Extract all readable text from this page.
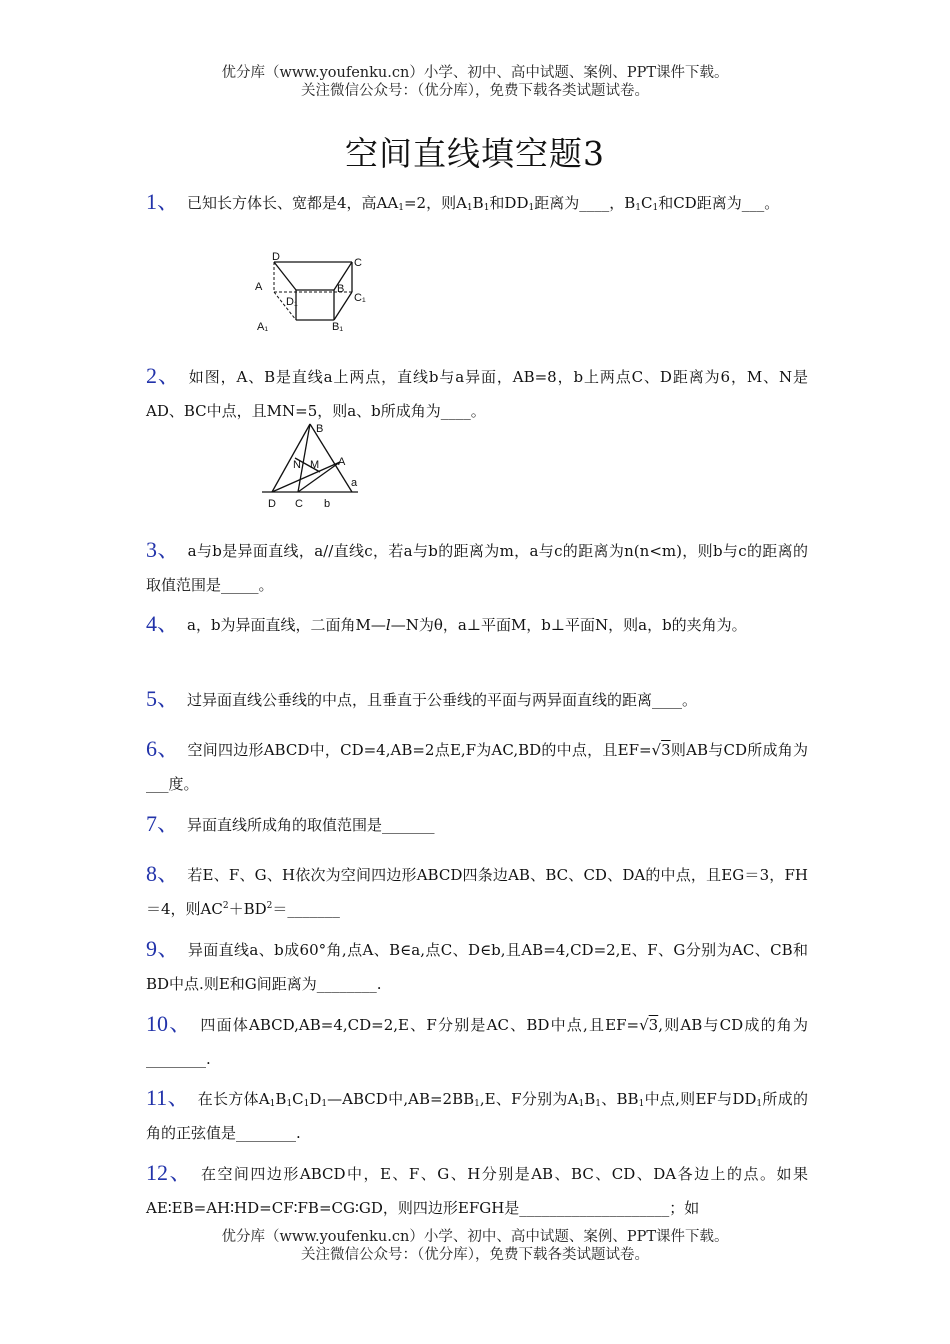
优分库（www.youfenku.cn）小学、初中、高中试题、案例、PPT课件下载。
关注微信公众号：（优分库），免费下载各类试题试卷。
空间直线填空题3
1、 已知长方体长、宽都是4，高$AA_1=2$，则$A_1B_1$和$DD_1$距离为____，$B_1C_1$和CD距离为___。
D	C
A	B
D₁	C₁
A₁	B₁
2、 如图，A、B是直线a上两点，直线b与a异面，AB=8，b上两点C、D距离为6，M、N是AD、BC中点，且MN=5，则a、b所成角为____。
B
N M A
a
D C b
3、 a与b是异面直线，a//直线c，若a与b的距离为m，a与c的距离为n(n<m)，则b与c的距离的取值范围是_____。
4、 a，b为异面直线，二面角M—l—N为θ，a⊥平面M，b⊥平面N，则a，b的夹角为。
5、 过异面直线公垂线的中点，且垂直于公垂线的平面与两异面直线的距离____。
6、 空间四边形ABCD中，CD=4,AB=2点E,F为AC,BD的中点，且EF=√3则AB与CD所成角为___度。
7、 异面直线所成角的取值范围是_______
8、 若E、F、G、H依次为空间四边形ABCD四条边AB、BC、CD、DA的中点，且EG＝3，FH＝4，则$AC^2+BD^2=\_\_\_\_\_\_\_$
9、 异面直线a、b成60°角,点A、B∈a,点C、D∈b,且AB=4,CD=2,E、F、G分别为AC、CB和BD中点.则E和G间距离为________.
10、 四面体ABCD,AB=4,CD=2,E、F分别是AC、BD中点,且EF=√3,则AB与CD成的角为________.
11、 在长方体$A_1B_1C_1D_1—ABCD$中$,AB=2BB_1,E$、F分别为$A_1B_1$、$BB_1$中点,则EF与$DD_1$所成的角的正弦值是________.
12、 在空间四边形ABCD中，E、F、G、H分别是AB、BC、CD、DA各边上的点。如果AE∶EB=AH∶HD=CF∶FB=CG∶GD，则四边形EFGH是____________________；如
优分库（www.youfenku.cn）小学、初中、高中试题、案例、PPT课件下载。
关注微信公众号：（优分库），免费下载各类试题试卷。
